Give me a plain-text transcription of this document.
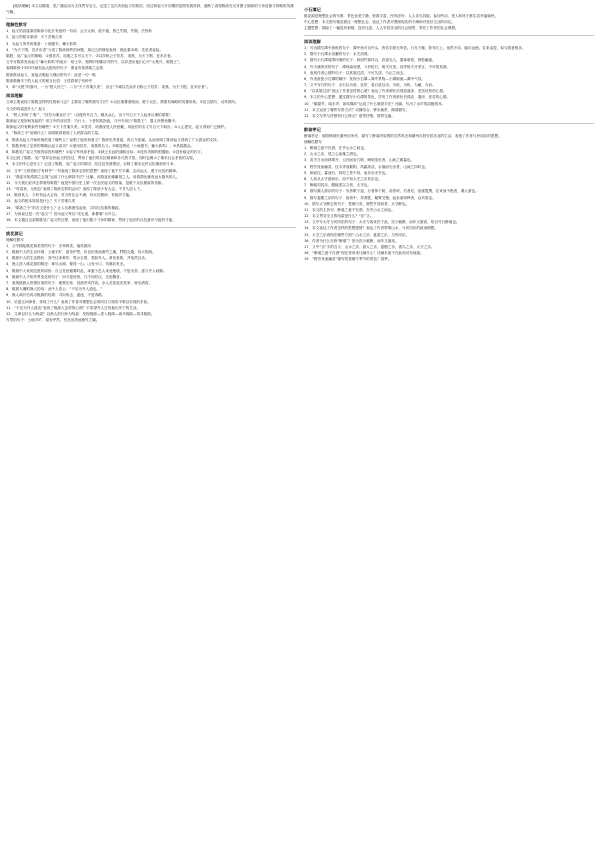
[阅读理解] 本文以随笔、见广播活动为主线贯穿全文，记述了这次庆祝起义的原因、经过和起义开初期的范围发展所辞，道断了表现陈涉在反对暴王朝前的斗争及雄才伟略的英雄气概。
理解性默写
1．起义的直接原因陈涉与伍长有意的一句话：会天大雨，道不通，度已失期，失期，法皆斩
2．起义的根本原因：天下苦秦久矣
3．为起义所作的准备：卜鱼腹书、篝火狐鸣
4．“为天下唱，宜多应者”与成了陈涉那些的问题，周边乏的理论表现：借此秦本称，先说者雀起。
陈胜、吴广起义的策略：①借扶苏、项燕之名号召天下；②以诈称公子扶苏、项燕，为天下唱，宜多应者。
文中写陈涉发动起义“篝火狐鸣”的诡计：给士卒、指挥时刻都应对的令，以诈进出他们心中“大楚兴，陈胜王”。
表明陈涉少年时代就有远大抱负的句子：燕雀安知鸿鹄之志哉
陈涉鼓动起义，直接点明起义理由的句子：此是一句一纵
陈涉鼓舞手下的人起义的豪言壮语：王侯将相宁有种乎
5．举“大楚”的旗号，一为“楚人怜之”；二为“天下苦秦久矣”，宣言“今诚以吾众诈自称公子扶苏、项燕，为天下倡，宜多应者”。
阅读理解
文章主要表现了陈胜怎样的性格和斗志？主要用了哪些描写方法？①反抗秦暴虐统治，敢于反抗，勇敢有谋略的英雄形象。②语言描写、动作描写。
今文的线索是什么？起义
3．“楚人多阿‘亡秦’”，“扶苏为秦皇长子”（以便有号召力，顺从众心，出于号召天下人起来反秦的需要）
陈涉起义是如何发起的？用文中的话回答：乃行卜，卜者知其指意，乃丹书帛曰“陈胜王”，置人所罾鱼腹中。
陈涉起义的有利条件有哪些？①天下苦秦久矣；②扶苏、项燕深受人民爱戴，用他们的名义号召天下响应；③人心思变，起义得到广泛拥护。
5．“陈涉之令”说明什么？说明陈涉看到了人民群众的力量。
6．陈涉从起义开始时就依靠了哪些人？说明了他有何意义？陈涉先杀将尉，再召令徒属。从而说明了陈涉起义得到了广大群众的支持。
7．陈胜采取了怎样的策略让起义成功？①借用扶苏、项燕的名义；②制造舆论（卜鱼腹书、篝火狐鸣）；③杀尉激众。
8．陈胜吴广起义失败的原因有哪些？①起义军内部矛盾；②缺乏长远的战略目标；③没有巩固的根据地；④没有稳定的后方。
本文记叙了陈胜、吴广领导农民起义的经过，赞扬了他们的反抗精神和非凡的才智，同时也揭示了秦末社会矛盾的尖锐。
9．本文的中心是什么？记述了陈胜、吴广起义的原因、经过及发展情况，反映了秦末农民反抗暴政的斗争。
10．文中“王侯将相宁有种乎”一句表现了陈涉怎样的思想？表现了他不甘平庸、志向远大、敢于反抗的精神。
11．“燕雀安知鸿鹄之志哉”运用了什么修辞手法？比喻。用燕雀比喻庸俗之人，用鸿鹄比喻有远大抱负的人。
12．今天我们应该怎样看待陈胜？他是中国历史上第一次农民起义的领袖，是敢于反抗暴政的英雄。
13．“苟富贵，无相忘”表现了陈涉怎样的志向？表现了陈涉少有大志，不甘久居人下。
14．陈涉其人：少时有远大志向，对当时社会不满，有反抗精神，有组织才能。
15．起义的根本原因是什么？天下苦秦久矣
16．“陈涉之令”的含义是什么？让人们都团结起来，共同反抗秦的暴政。
17．为何说这是一次“起义”？因为起义军以“伐无道，诛暴秦”为号召。
18．本文通过记叙陈胜吴广起义的过程，表现了他们敢于斗争的精神，赞扬了他们的反抗意识与组织才能。
桃花源记
理解性默写
1．文中描绘桃花林美景的句子：芳草鲜美，落英缤纷
2．桃源中人的生活环境：土地平旷，屋舍俨然，有良田美池桑竹之属，阡陌交通，鸡犬相闻。
3．桃源中人的生活情状：其中往来种作，男女衣着，悉如外人。黄发垂髫，并怡然自乐。
4．渔人进入桃花源的路径：林尽水源，便得一山，山有小口，仿佛若有光。
5．桃源中人来到这里的原因：自云先世避秦时乱，率妻子邑人来此绝境，不复出焉，遂与外人间隔。
6．桃源中人不知外界变化的句子：问今是何世，乃不知有汉，无论魏晋。
7．表现桃源人热情好客的句子：便要还家，设酒杀鸡作食。余人各复延至其家，皆出酒食。
8．桃源人嘱咐渔人的话：此中人语云：“不足为外人道也。”
9．渔人离开后再寻桃源的结果：寻向所志，遂迷，不复得路。
10．后遂无问津者，体现了什么？表现了作者对理想社会的向往与现实中难以实现的矛盾。
11．“不足为外人道也”表现了桃源人怎样的心理？不希望外人打扰他们安宁的生活。
12．文章以什么为线索？以渔人的行踪为线索：发现桃源—进入桃源—离开桃源—再寻桃源。
写景的句子：土地平旷，屋舍俨然，有良田美池桑竹之属。
小石潭记
桃花源是理想社会的写照：景色优美宁静，资源丰富，民风淳朴，人人各尽其能，参加劳动，老人和孩子都生活幸福愉快。
中心思想：本文借写桃花源这一理想社会，表达了作者对黑暗现实的不满和对美好生活的向往。
主题思想：描绘了一幅没有剥削、没有压迫、人人安居乐业的社会图景，寄托了作者的社会理想。
阅读理解
1．写出描写潭中游鱼的句子：潭中鱼可百许头，皆若空游无所依。日光下澈，影布石上。佁然不动，俶尔远逝，往来翕忽，似与游者相乐。
2．描写小石潭水清澈的句子：水尤清冽。
3．描写小石潭周围环境的句子：四面竹树环合，寂寥无人，凄神寒骨，悄怆幽邃。
4．写小溪形状的句子：潭西南而望，斗折蛇行，明灭可见。其岸势犬牙差互，不可知其源。
5．表现作者心情的句子：以其境过清，不可久居，乃记之而去。
6．作者游览小石潭的顺序：发现小石潭—潭中景物—小潭源流—潭中气氛。
7．文中写石的句子：全石以为底，近岸，卷石底以出，为坻，为屿，为嵁，为岩。
8．“以其境过清”表达了作者怎样的心境？表达了作者被贬后孤寂凄凉、悲苦忧伤的心情。
9．本文的中心思想：通过描写小石潭的景色，抒发了作者被贬后孤寂、凄凉、悲苦的心情。
10．“隔篁竹，闻水声，如鸣佩环”运用了什么修辞手法？比喻，写出了水声的清脆悦耳。
11．本文运用了哪些写景方法？动静结合、移步换景、侧面描写。
12．本文写景与抒情有什么特点？借景抒情，情景交融。
醉翁亭记
醉翁亭记：欧阳修被贬滁州后所作，描写了醉翁亭周围的自然风光和滁州百姓安居乐业的生活，表现了作者与民同乐的思想。
理解性默写
1．醉翁之意不在酒，在乎山水之间也。
2．山水之乐，得之心而寓之酒也。
3．若夫日出而林霏开，云归而岩穴暝，晦明变化者，山间之朝暮也。
4．野芳发而幽香，佳木秀而繁阴，风霜高洁，水落而石出者，山间之四时也。
5．朝而往，暮而归，四时之景不同，而乐亦无穷也。
6．人知从太守游而乐，而不知太守之乐其乐也。
7．醉能同其乐，醒能述以文者，太守也。
8．描写滁人游乐的句子：负者歌于途，行者休于树，前者呼，后者应，伛偻提携，往来而不绝者，滁人游也。
9．描写宴酣之乐的句子：射者中，弈者胜，觥筹交错，起坐而喧哗者，众宾欢也。
10．描写太守醉态的句子：苍颜白发，颓然乎其间者，太守醉也。
11．本文的主旨句：醉翁之意不在酒，在乎山水之间也。
12．本文贯穿全文的线索是什么？“乐”字。
13．文中写太守与民同乐的句子：太守与客来饮于此，饮少辄醉，而年又最高，故自号曰醉翁也。
14．本文表达了作者怎样的思想感情？表达了作者寄情山水，与民同乐的政治理想。
15．太守之乐表现在哪些方面？山水之乐、宴游之乐、与民同乐。
16．作者为什么自称“醉翁”？因为饮少辄醉，而年又最高。
17．文中“乐”字的含义：山水之乐、游人之乐、宴酣之乐、禽鸟之乐、太守之乐。
18．“醉翁之意不在酒”现在常用来比喻什么？比喻本意不在此而另有他意。
19．“野芳发而幽香”描写的是哪个季节的景色？春季。
